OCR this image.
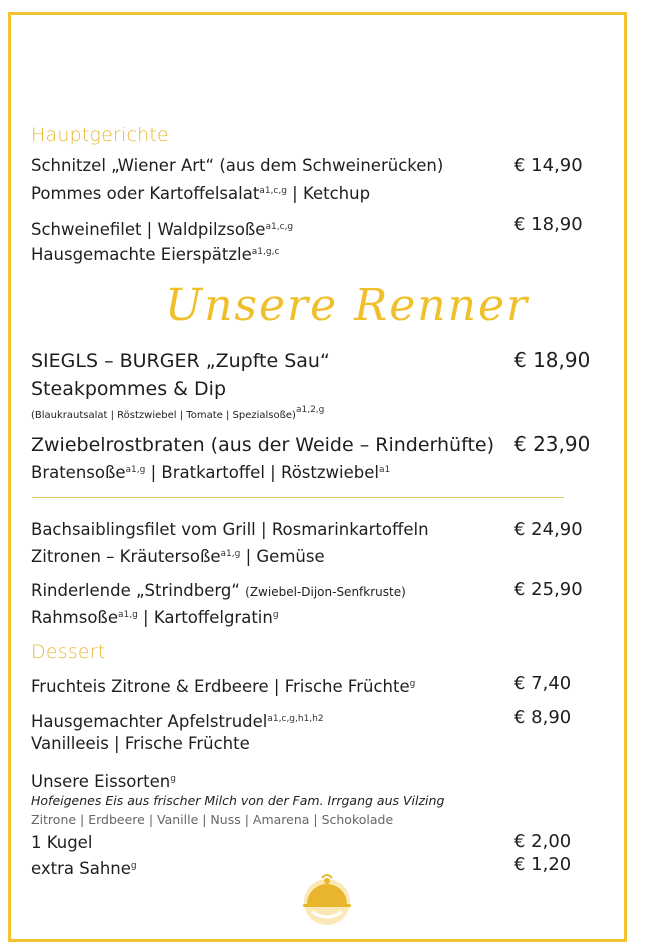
Hauptgerichte
Schnitzel „Wiener Art“ (aus dem Schweinerücken)
Pommes oder Kartoffelsalat$^{a1,c,g}$ | Ketchup
€ 14,90
Schweinefilet | Waldpilzsoße$^{a1,c,g}$
Hausgemachte Eierspätzle$^{a1,g,c}$
€ 18,90
Unsere Renner
SIEGLS – BURGER „Zupfte Sau“
Steakpommes & Dip
(Blaukrautsalat | Röstzwiebel | Tomate | Spezialsoße)$^{a1,2,g}$
€ 18,90
Zwiebelrostbraten (aus der Weide – Rinderhüfte)
Bratensoße$^{a1,g}$ | Bratkartoffel | Röstzwiebel$^{a1}$
€ 23,90
Bachsaiblingsfilet vom Grill | Rosmarinkartoffeln
Zitronen – Kräutersoße$^{a1,g}$ | Gemüse
€ 24,90
Rinderlende „Strindberg“ (Zwiebel-Dijon-Senfkruste)
Rahmsoße$^{a1,g}$ | Kartoffelgratin$^g$
€ 25,90
Dessert
Fruchteis Zitrone & Erdbeere | Frische Früchte$^g$	€ 7,40
Hausgemachter Apfelstrudel$^{a1,c,g,h1,h2}$
Vanilleeis | Frische Früchte
€ 8,90
Unsere Eissorten$^g$
Hofeigenes Eis aus frischer Milch von der Fam. Irrgang aus Vilzing
Zitrone | Erdbeere | Vanille | Nuss | Amarena | Schokolade
1 Kugel	€ 2,00
extra Sahne$^g$	€ 1,20
